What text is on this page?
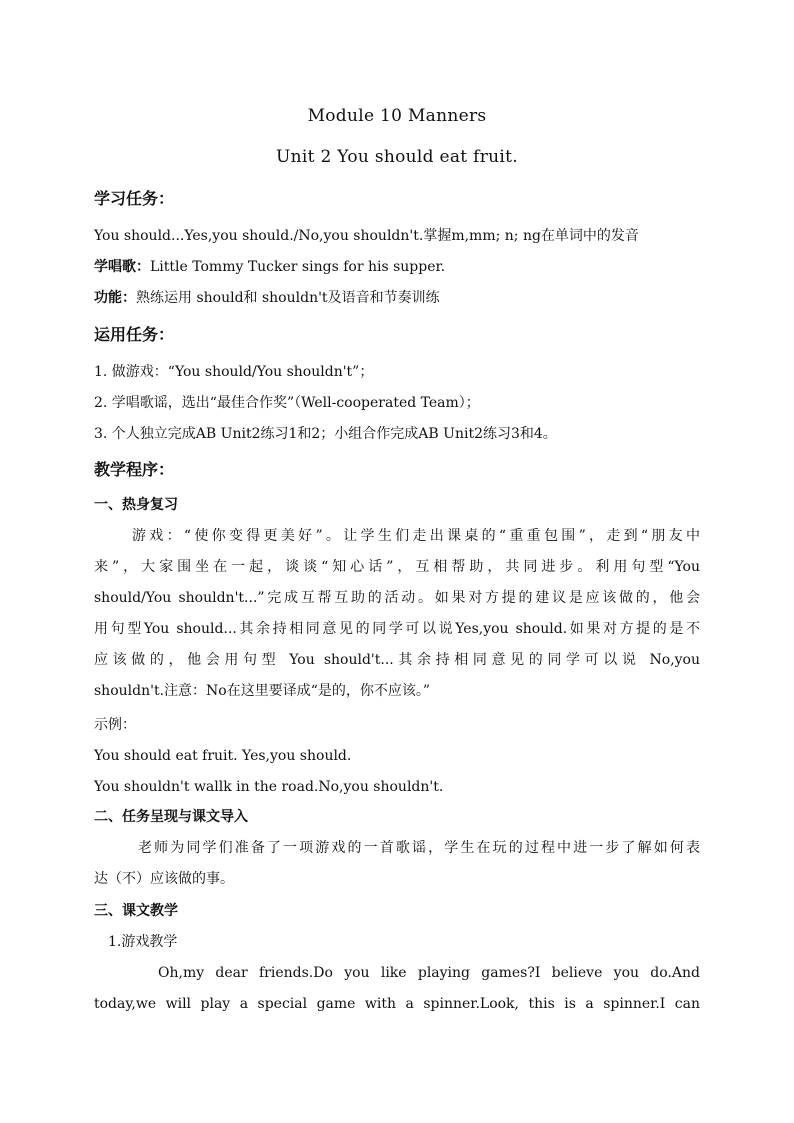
Module 10 Manners
Unit 2 You should eat fruit.
学习任务：
You should...Yes,you should./No,you shouldn't.掌握m,mm; n; ng在单词中的发音
学唱歌：Little Tommy Tucker sings for his supper.
功能：熟练运用 should和 shouldn't及语音和节奏训练
运用任务：
1. 做游戏：“You should/You shouldn't”；
2. 学唱歌谣，选出“最佳合作奖”（Well-cooperated Team）；
3. 个人独立完成AB Unit2练习1和2；小组合作完成AB Unit2练习3和4。
教学程序：
一、热身复习
游戏：“使你变得更美好”。让学生们走出课桌的“重重包围”，走到“朋友中
来”，大家围坐在一起，谈谈“知心话”，互相帮助，共同进步。利用句型“You
should/You shouldn't...”完成互帮互助的活动。如果对方提的建议是应该做的，他会
用句型You should...其余持相同意见的同学可以说Yes,you should.如果对方提的是不
应该做的，他会用句型 You should't...其余持相同意见的同学可以说 No,you
shouldn't.注意：No在这里要译成“是的，你不应该。”
示例：
You should eat fruit. Yes,you should.
You shouldn't wallk in the road.No,you shouldn't.
二、任务呈现与课文导入
老师为同学们准备了一项游戏的一首歌谣，学生在玩的过程中进一步了解如何表
达（不）应该做的事。
三、课文教学
1.游戏教学
Oh,my dear friends.Do you like playing games?I believe you do.And
today,we will play a special game with a spinner.Look, this is a spinner.I can
